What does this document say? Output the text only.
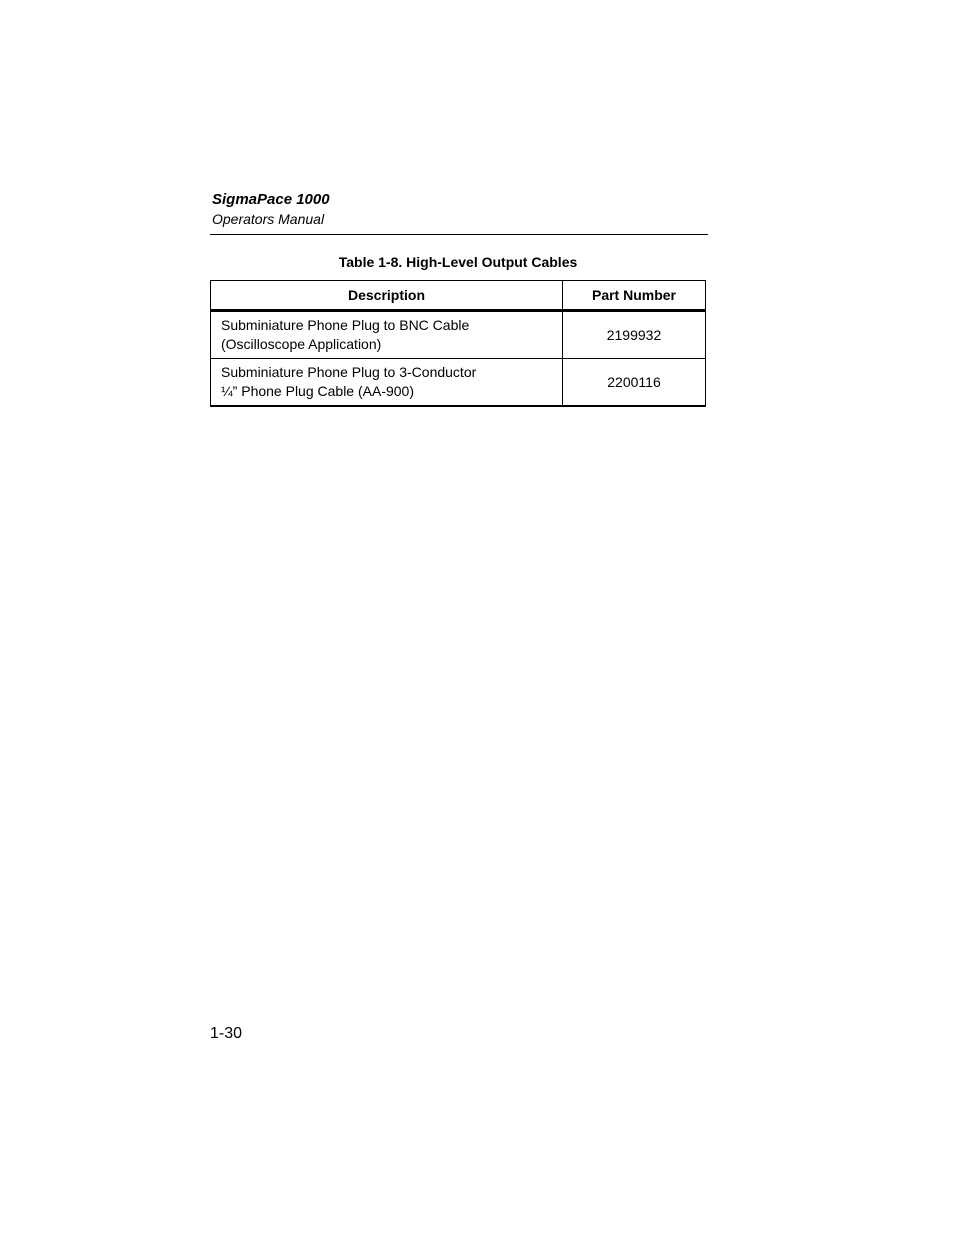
SigmaPace 1000
Operators Manual
Table 1-8. High-Level Output Cables
Description	Part Number

Subminiature Phone Plug to BNC Cable
(Oscilloscope Application)	2199932

Subminiature Phone Plug to 3-Conductor
¼” Phone Plug Cable (AA-900)	2200116
1-30
